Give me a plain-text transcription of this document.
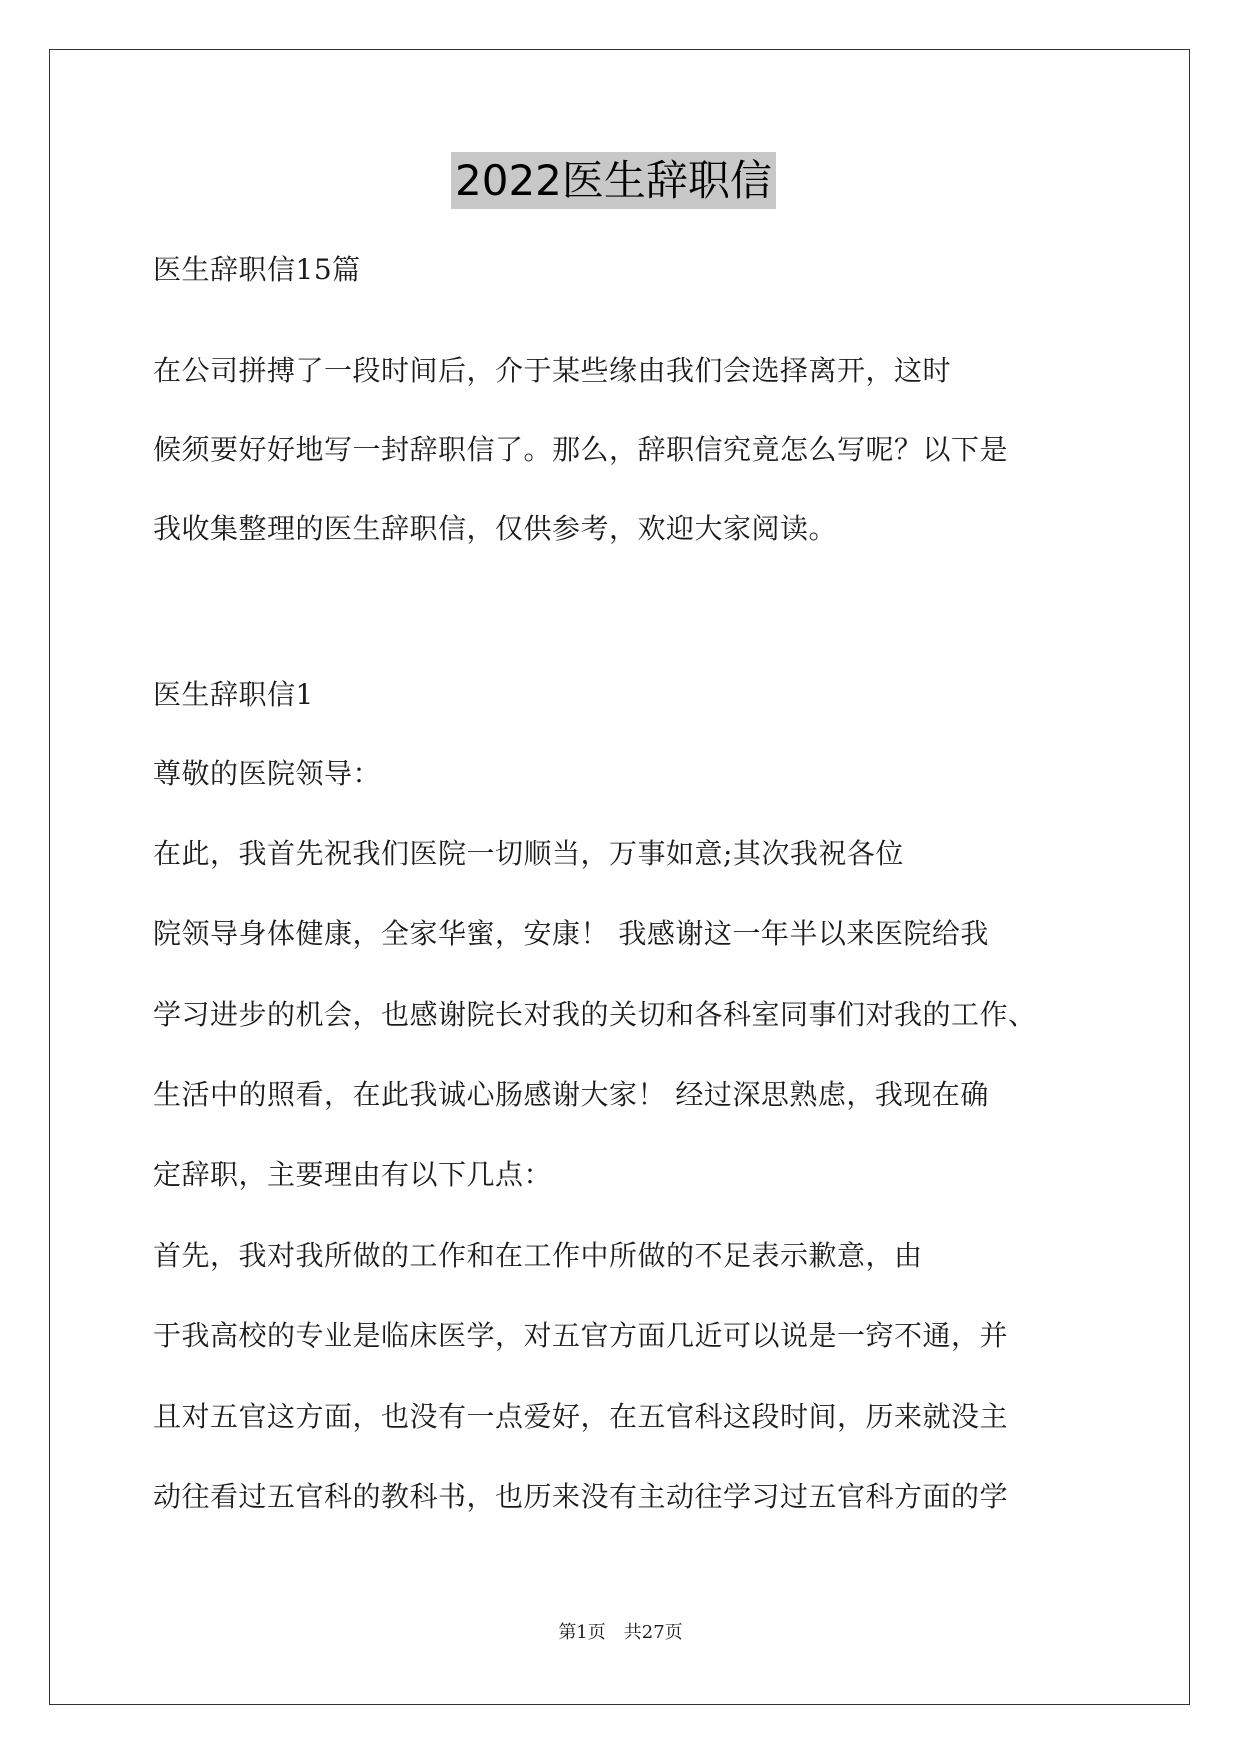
2022医生辞职信
医生辞职信15篇
在公司拼搏了一段时间后，介于某些缘由我们会选择离开，这时
候须要好好地写一封辞职信了。那么，辞职信究竟怎么写呢？以下是
我收集整理的医生辞职信，仅供参考，欢迎大家阅读。
医生辞职信1
尊敬的医院领导：
在此，我首先祝我们医院一切顺当，万事如意;其次我祝各位
院领导身体健康，全家华蜜，安康！ 我感谢这一年半以来医院给我
学习进步的机会，也感谢院长对我的关切和各科室同事们对我的工作、
生活中的照看，在此我诚心肠感谢大家！ 经过深思熟虑，我现在确
定辞职，主要理由有以下几点：
首先，我对我所做的工作和在工作中所做的不足表示歉意，由
于我高校的专业是临床医学，对五官方面几近可以说是一窍不通，并
且对五官这方面，也没有一点爱好，在五官科这段时间，历来就没主
动往看过五官科的教科书，也历来没有主动往学习过五官科方面的学
第1页 共27页
